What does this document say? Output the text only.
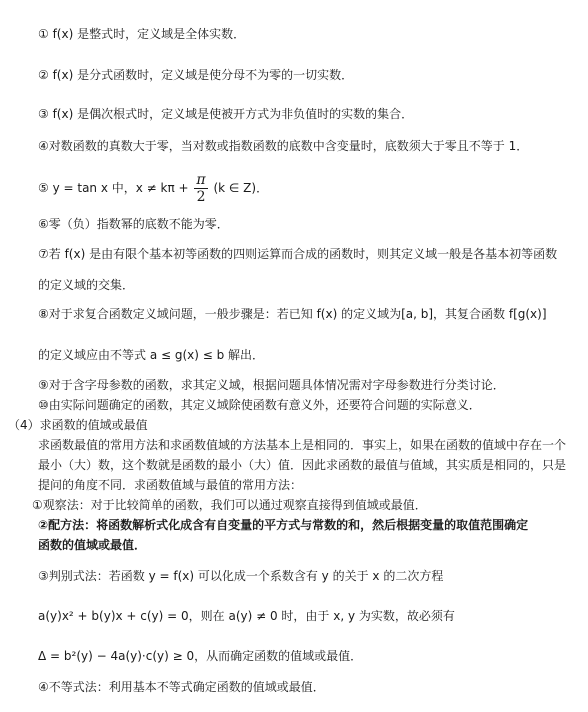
① f(x) 是整式时，定义域是全体实数．
② f(x) 是分式函数时，定义域是使分母不为零的一切实数．
③ f(x) 是偶次根式时，定义域是使被开方式为非负值时的实数的集合．
④对数函数的真数大于零，当对数或指数函数的底数中含变量时，底数须大于零且不等于 1．
⑤ y = tan x 中，$x \ne k\pi + \frac{\pi}{2} (k$ ∈ Z)．
⑥零（负）指数幂的底数不能为零．
⑦若 f(x) 是由有限个基本初等函数的四则运算而合成的函数时，则其定义域一般是各基本初等函数
的定义域的交集．
⑧对于求复合函数定义域问题，一般步骤是：若已知 f(x) 的定义域为[a, b]，其复合函数 f[g(x)]
的定义域应由不等式 a ≤ g(x) ≤ b 解出．
⑨对于含字母参数的函数，求其定义域，根据问题具体情况需对字母参数进行分类讨论．
⑩由实际问题确定的函数，其定义域除使函数有意义外，还要符合问题的实际意义．
（4）求函数的值域或最值
求函数最值的常用方法和求函数值域的方法基本上是相同的．事实上，如果在函数的值域中存在一个
最小（大）数，这个数就是函数的最小（大）值．因此求函数的最值与值域，其实质是相同的，只是
提问的角度不同．求函数值域与最值的常用方法：
①观察法：对于比较简单的函数，我们可以通过观察直接得到值域或最值．
②配方法：将函数解析式化成含有自变量的平方式与常数的和，然后根据变量的取值范围确定
函数的值域或最值．
③判别式法：若函数 y = f(x) 可以化成一个系数含有 y 的关于 x 的二次方程
a(y)x² + b(y)x + c(y) = 0，则在 a(y) ≠ 0 时，由于 x, y 为实数，故必须有
Δ = b²(y) − 4a(y)·c(y) ≥ 0，从而确定函数的值域或最值．
④不等式法：利用基本不等式确定函数的值域或最值．
